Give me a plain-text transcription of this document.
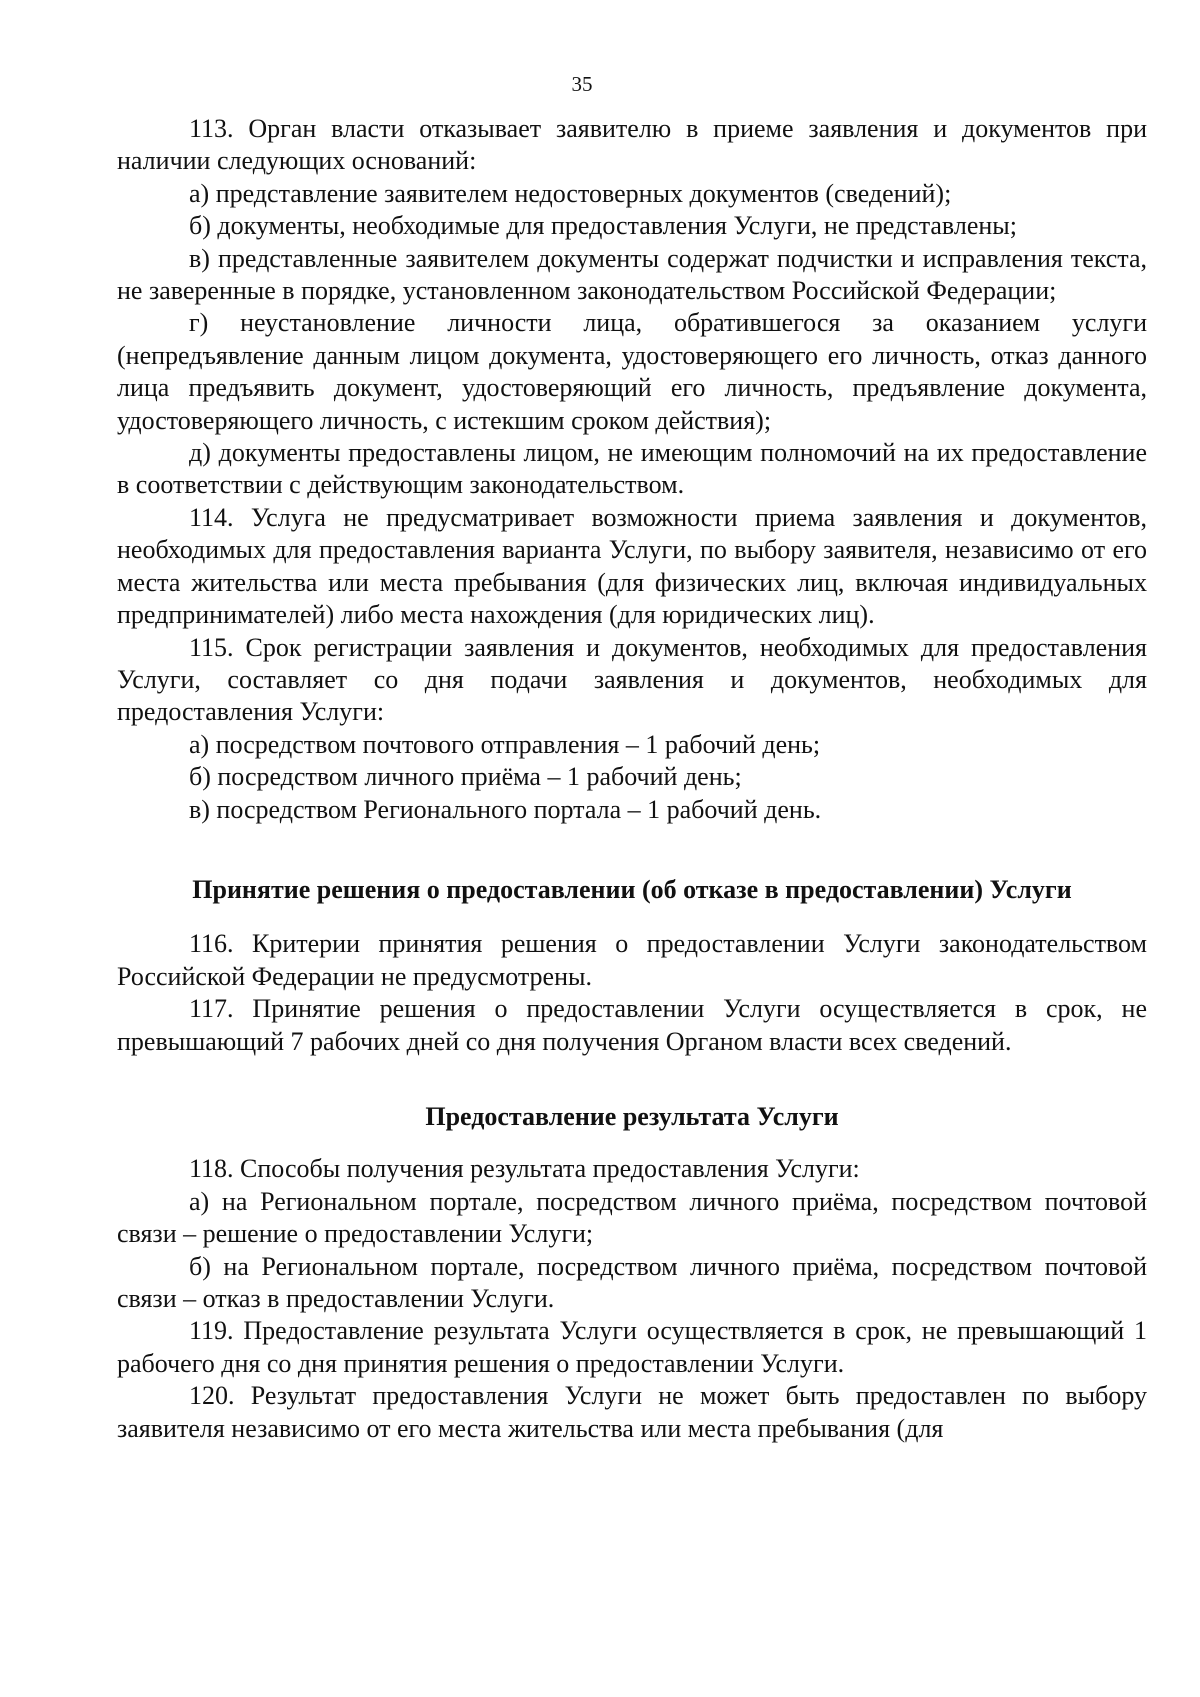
35

113. Орган власти отказывает заявителю в приеме заявления и документов при наличии следующих оснований:

а) представление заявителем недостоверных документов (сведений);

б) документы, необходимые для предоставления Услуги, не представлены;

в) представленные заявителем документы содержат подчистки и исправления текста, не заверенные в порядке, установленном законодательством Российской Федерации;

г) неустановление личности лица, обратившегося за оказанием услуги (непредъявление данным лицом документа, удостоверяющего его личность, отказ данного лица предъявить документ, удостоверяющий его личность, предъявление документа, удостоверяющего личность, с истекшим сроком действия);

д) документы предоставлены лицом, не имеющим полномочий на их предоставление в соответствии с действующим законодательством.

114. Услуга не предусматривает возможности приема заявления и документов, необходимых для предоставления варианта Услуги, по выбору заявителя, независимо от его места жительства или места пребывания (для физических лиц, включая индивидуальных предпринимателей) либо места нахождения (для юридических лиц).

115. Срок регистрации заявления и документов, необходимых для предоставления Услуги, составляет со дня подачи заявления и документов, необходимых для предоставления Услуги:

а) посредством почтового отправления – 1 рабочий день;

б) посредством личного приёма – 1 рабочий день;

в) посредством Регионального портала – 1 рабочий день.

Принятие решения о предоставлении (об отказе в предоставлении) Услуги

116. Критерии принятия решения о предоставлении Услуги законодательством Российской Федерации не предусмотрены.

117. Принятие решения о предоставлении Услуги осуществляется в срок, не превышающий 7 рабочих дней со дня получения Органом власти всех сведений.

Предоставление результата Услуги

118. Способы получения результата предоставления Услуги:

а) на Региональном портале, посредством личного приёма, посредством почтовой связи – решение о предоставлении Услуги;

б) на Региональном портале, посредством личного приёма, посредством почтовой связи – отказ в предоставлении Услуги.

119. Предоставление результата Услуги осуществляется в срок, не превышающий 1 рабочего дня со дня принятия решения о предоставлении Услуги.

120. Результат предоставления Услуги не может быть предоставлен по выбору заявителя независимо от его места жительства или места пребывания (для
